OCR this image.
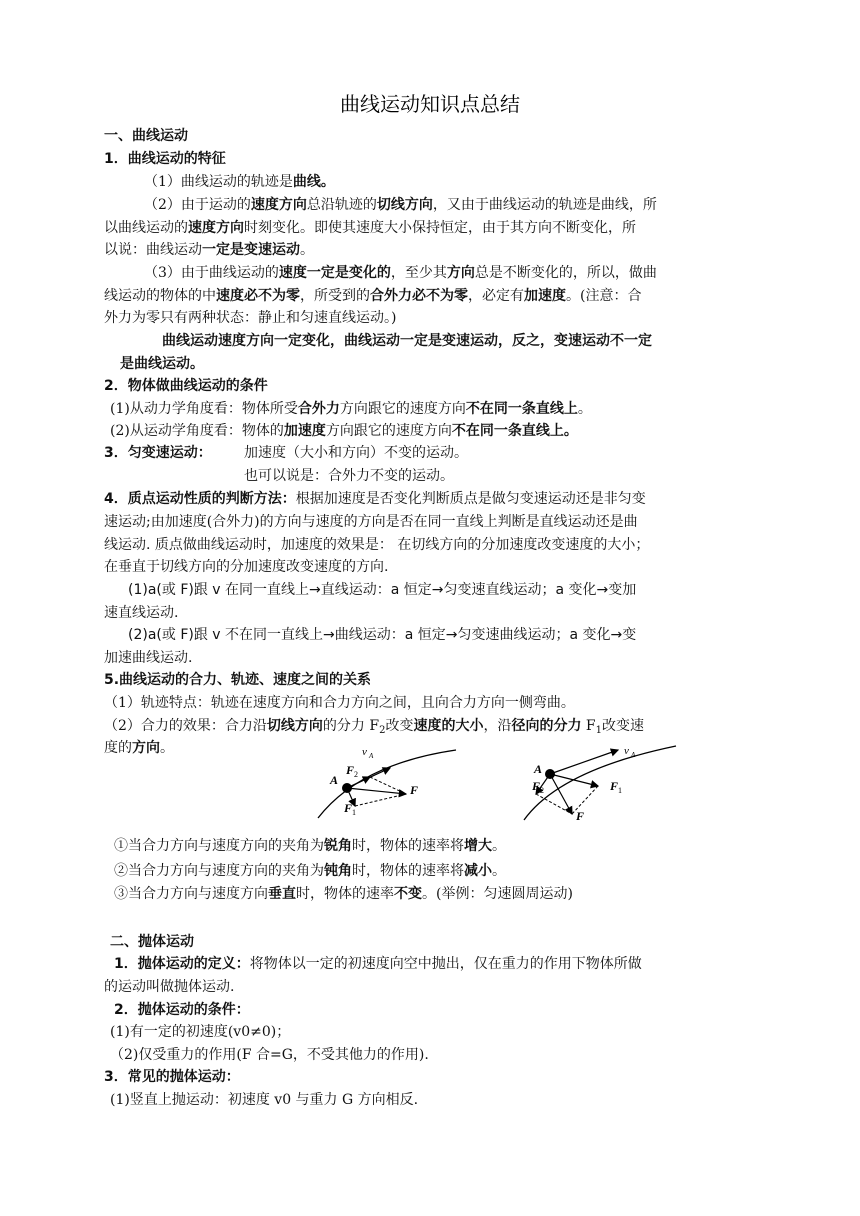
曲线运动知识点总结
一、曲线运动
1．曲线运动的特征
（1）曲线运动的轨迹是曲线。
（2）由于运动的速度方向总沿轨迹的切线方向，又由于曲线运动的轨迹是曲线，所
以曲线运动的速度方向时刻变化。即使其速度大小保持恒定，由于其方向不断变化，所
以说：曲线运动一定是变速运动。
（3）由于曲线运动的速度一定是变化的，至少其方向总是不断变化的，所以，做曲
线运动的物体的中速度必不为零，所受到的合外力必不为零，必定有加速度。(注意：合
外力为零只有两种状态：静止和匀速直线运动。)
曲线运动速度方向一定变化，曲线运动一定是变速运动，反之，变速运动不一定
是曲线运动。
2．物体做曲线运动的条件
(1)从动力学角度看：物体所受合外力方向跟它的速度方向不在同一条直线上。
(2)从运动学角度看：物体的加速度方向跟它的速度方向不在同一条直线上。
3．匀变速运动： 加速度（大小和方向）不变的运动。
也可以说是：合外力不变的运动。
4．质点运动性质的判断方法：根据加速度是否变化判断质点是做匀变速运动还是非匀变
速运动;由加速度(合外力)的方向与速度的方向是否在同一直线上判断是直线运动还是曲
线运动. 质点做曲线运动时，加速度的效果是： 在切线方向的分加速度改变速度的大小；
在垂直于切线方向的分加速度改变速度的方向.
(1)a(或 F)跟 v 在同一直线上→直线运动：a 恒定→匀变速直线运动；a 变化→变加
速直线运动.
(2)a(或 F)跟 v 不在同一直线上→曲线运动：a 恒定→匀变速曲线运动；a 变化→变
加速曲线运动.
5.曲线运动的合力、轨迹、速度之间的关系
（1）轨迹特点：轨迹在速度方向和合力方向之间，且向合力方向一侧弯曲。
（2）合力的效果：合力沿切线方向的分力 $F_2$改变速度的大小，沿径向的分力 $F_1$改变速
度的方向。
A
v A
F 2
F 1
F
A
v A
F 2	F 1
F
①当合力方向与速度方向的夹角为锐角时，物体的速率将增大。
②当合力方向与速度方向的夹角为钝角时，物体的速率将减小。
③当合力方向与速度方向垂直时，物体的速率不变。(举例：匀速圆周运动)
二、抛体运动
1．抛体运动的定义：将物体以一定的初速度向空中抛出，仅在重力的作用下物体所做
的运动叫做抛体运动.
2．抛体运动的条件：
(1)有一定的初速度(v0≠0)；
（2)仅受重力的作用(F 合=G，不受其他力的作用).
3．常见的抛体运动：
(1)竖直上抛运动：初速度 v0 与重力 G 方向相反.
